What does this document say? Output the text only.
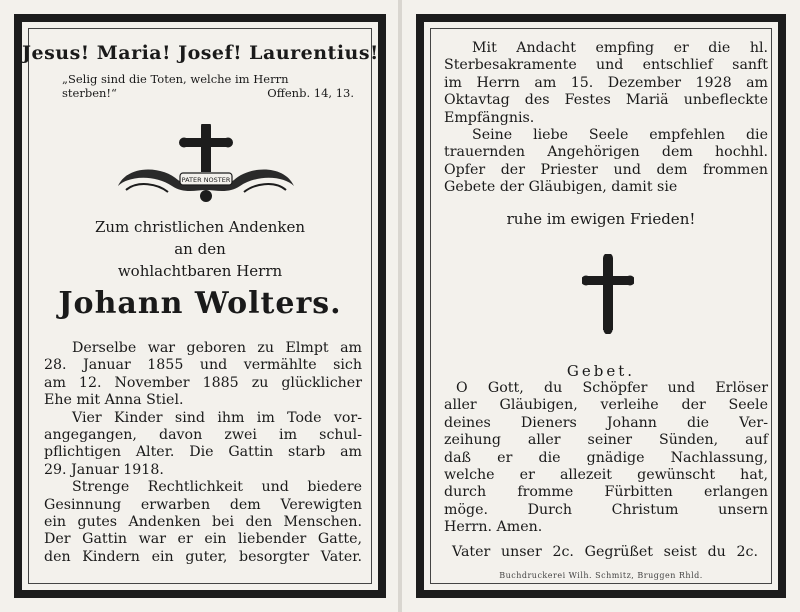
Jesus! Maria! Josef! Laurentius!
„Selig sind die Toten, welche im Herrn
sterben!“	Offenb. 14, 13.
PATER NOSTER
Zum christlichen Andenken
an den
wohlachtbaren Herrn
Johann Wolters.
Derselbe war geboren zu Elmpt am
28. Januar 1855 und vermählte sich
am 12. November 1885 zu glücklicher
Ehe mit Anna Stiel.
Vier Kinder sind ihm im Tode vor-
angegangen, davon zwei im schul-
pflichtigen Alter. Die Gattin starb am
29. Januar 1918.
Strenge Rechtlichkeit und biedere
Gesinnung erwarben dem Verewigten
ein gutes Andenken bei den Menschen.
Der Gattin war er ein liebender Gatte,
den Kindern ein guter, besorgter Vater.
Mit Andacht empfing er die hl.
Sterbesakramente und entschlief sanft
im Herrn am 15. Dezember 1928 am
Oktavtag des Festes Mariä unbefleckte
Empfängnis.
Seine liebe Seele empfehlen die
trauernden Angehörigen dem hochhl.
Opfer der Priester und dem frommen
Gebete der Gläubigen, damit sie
ruhe im ewigen Frieden!
Gebet.
O Gott, du Schöpfer und Erlöser
aller Gläubigen, verleihe der Seele
deines Dieners Johann die Ver-
zeihung aller seiner Sünden, auf
daß er die gnädige Nachlassung,
welche er allezeit gewünscht hat,
durch fromme Fürbitten erlangen
möge. Durch Christum unsern
Herrn. Amen.
Vater unser 2c. Gegrüßet seist du 2c.
Buchdruckerei Wilh. Schmitz, Bruggen Rhld.
